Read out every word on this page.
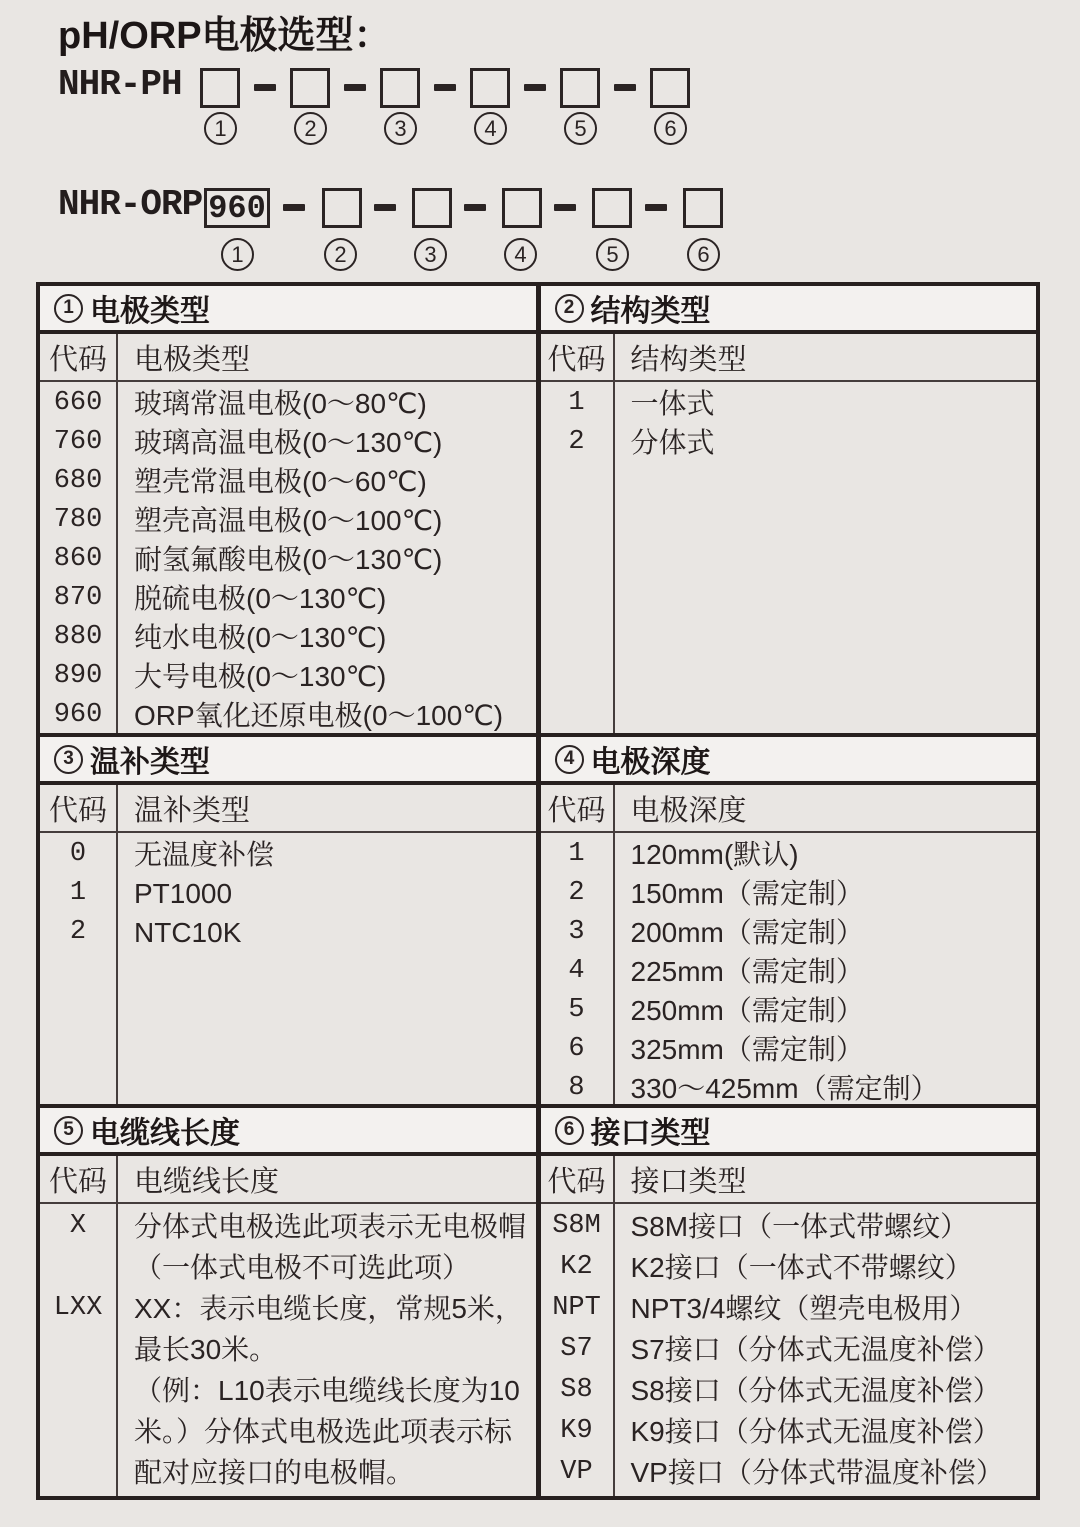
pH/ORP电极选型：
NHR-PH
1	2	3	4	5	6
NHR-ORP 960
1	2	3	4	5	6
1 电极类型
代码 电极类型
660	玻璃常温电极(0～80℃)
760	玻璃高温电极(0～130℃)
680	塑壳常温电极(0～60℃)
780	塑壳高温电极(0～100℃)
860	耐氢氟酸电极(0～130℃)
870	脱硫电极(0～130℃)
880	纯水电极(0～130℃)
890	大号电极(0～130℃)
960	ORP氧化还原电极(0～100℃)
2 结构类型
代码 结构类型
1	一体式
2	分体式
3 温补类型
代码 温补类型
0	无温度补偿
1	PT1000
2	NTC10K
4 电极深度
代码 电极深度
1	120mm(默认)
2	150mm（需定制）
3	200mm（需定制）
4	225mm（需定制）
5	250mm（需定制）
6	325mm（需定制）
8	330～425mm（需定制）
5 电缆线长度
代码 电缆线长度
X	分体式电极选此项表示无电极帽
（一体式电极不可选此项）
LXX	XX：表示电缆长度，常规5米，
最长30米。
（例：L10表示电缆线长度为10
米。）分体式电极选此项表示标
配对应接口的电极帽。
6 接口类型
代码 接口类型
S8M	S8M接口（一体式带螺纹）
K2	K2接口（一体式不带螺纹）
NPT	NPT3/4螺纹（塑壳电极用）
S7	S7接口（分体式无温度补偿）
S8	S8接口（分体式无温度补偿）
K9	K9接口（分体式无温度补偿）
VP	VP接口（分体式带温度补偿）
